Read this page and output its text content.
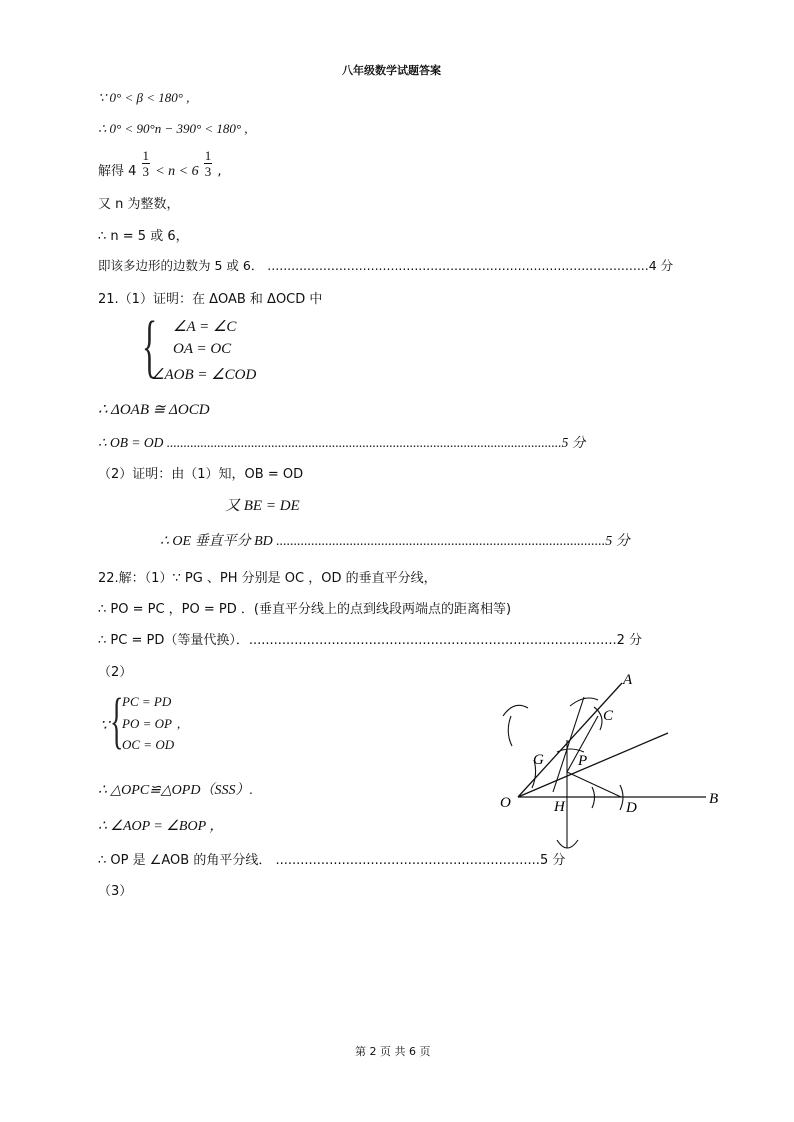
八年级数学试题答案
∵ 0° < β < 180° ,
∴ 0° < 90°n − 390° < 180° ,
解得 $4 \frac{1}{3} < n < 6 \frac{1}{3}$ ,
又 n 为整数，
∴ n = 5 或 6，
即该多边形的边数为 5 或 6． ................................................................................................4 分
21.（1）证明：在 ΔOAB 和 ΔOCD 中
{ ∠A = ∠C
OA = OC
∠AOB = ∠COD
∴ ΔOAB ≅ ΔOCD
∴ OB = OD .....................................................................................................................5 分
（2）证明：由（1）知，OB = OD
又 BE = DE
∴ OE 垂直平分 BD ..............................................................................................5 分
22.解：（1）∵ PG 、PH 分别是 OC ，OD 的垂直平分线，
∴ PO = PC ，PO = PD ．(垂直平分线上的点到线段两端点的距离相等)
∴ PC = PD（等量代换）．.........................................................................................2 分
（2）
∵ {
PC = PD
PO = OP
OC = OD
,
∴ △OPC≌△OPD（SSS）.
∴ ∠AOP = ∠BOP ，
∴ OP 是 ∠AOB 的角平分线． ................................................................5 分
（3）
A
B
C
D
G
H
O
P
第 2 页 共 6 页
